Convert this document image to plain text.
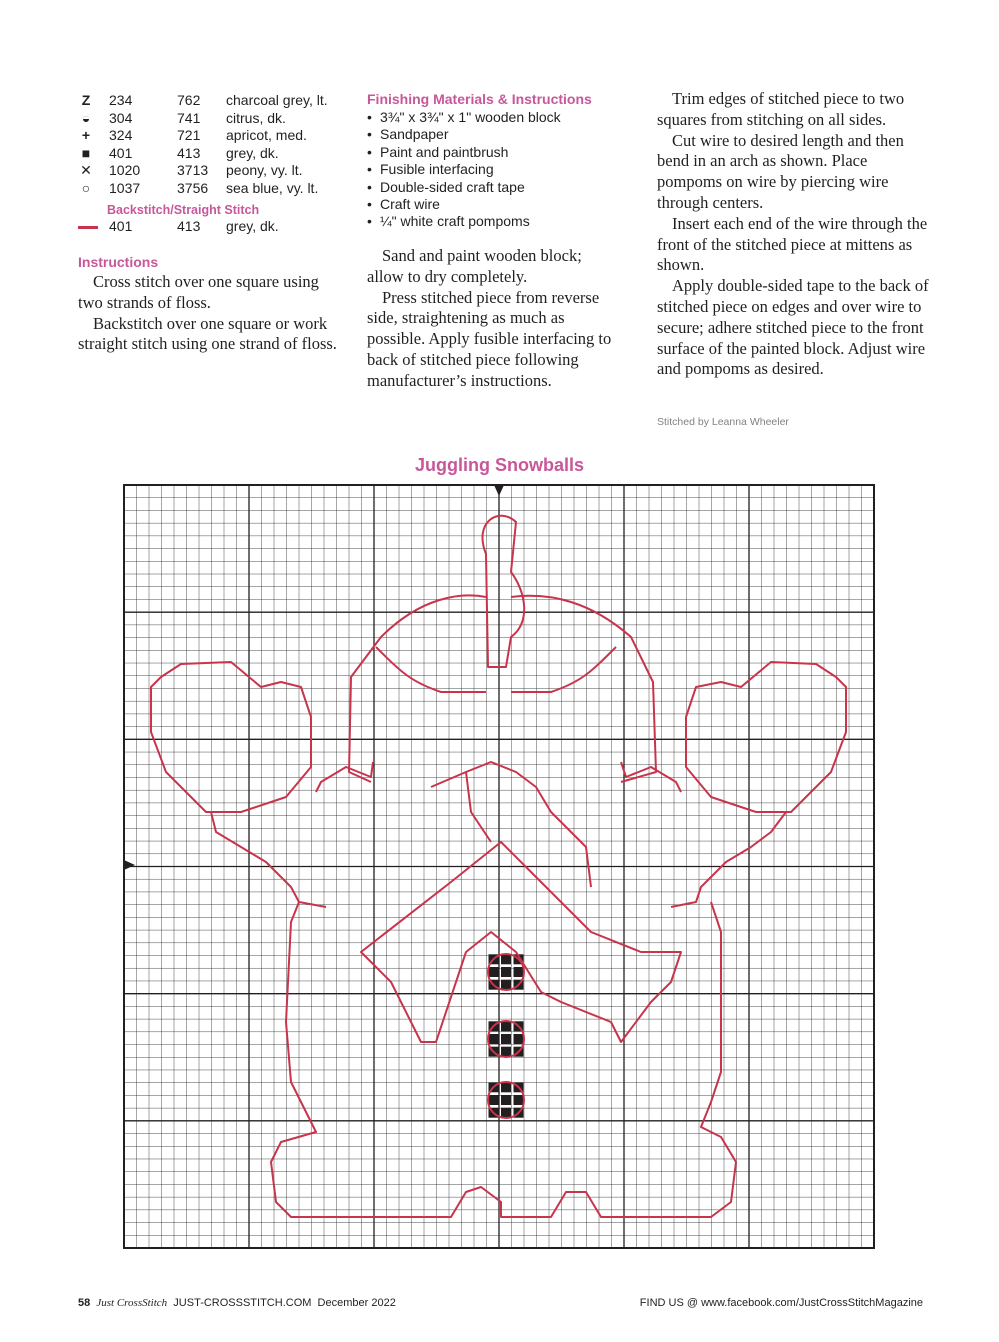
Z 234	762 charcoal grey, lt.
◒ 304	741 citrus, dk.
+ 324	721 apricot, med.
■ 401	413 grey, dk.
✕ 1020	3713 peony, vy. lt.
○ 1037	3756 sea blue, vy. lt.
Backstitch/Straight Stitch
401	413 grey, dk.
Instructions

Cross stitch over one square using two strands of floss.

Backstitch over one square or work straight stitch using one strand of floss.

Finishing Materials & Instructions
• 3¾" x 3¾" x 1" wooden block
• Sandpaper
• Paint and paintbrush
• Fusible interfacing
• Double-sided craft tape
• Craft wire
• ¼" white craft pompoms

Sand and paint wooden block; allow to dry completely.

Press stitched piece from reverse side, straightening as much as possible. Apply fusible interfacing to back of stitched piece following manufacturer’s instructions.

Trim edges of stitched piece to two squares from stitching on all sides.

Cut wire to desired length and then bend in an arch as shown. Place pompoms on wire by piercing wire through centers.

Insert each end of the wire through the front of the stitched piece at mittens as shown.

Apply double-sided tape to the back of stitched piece on edges and over wire to secure; adhere stitched piece to the front surface of the painted block. Adjust wire and pompoms as desired.

Stitched by Leanna Wheeler
Juggling Snowballs
58 Just CrossStitch JUST-CROSSSTITCH.COM December 2022	FIND US @ www.facebook.com/JustCrossStitchMagazine
